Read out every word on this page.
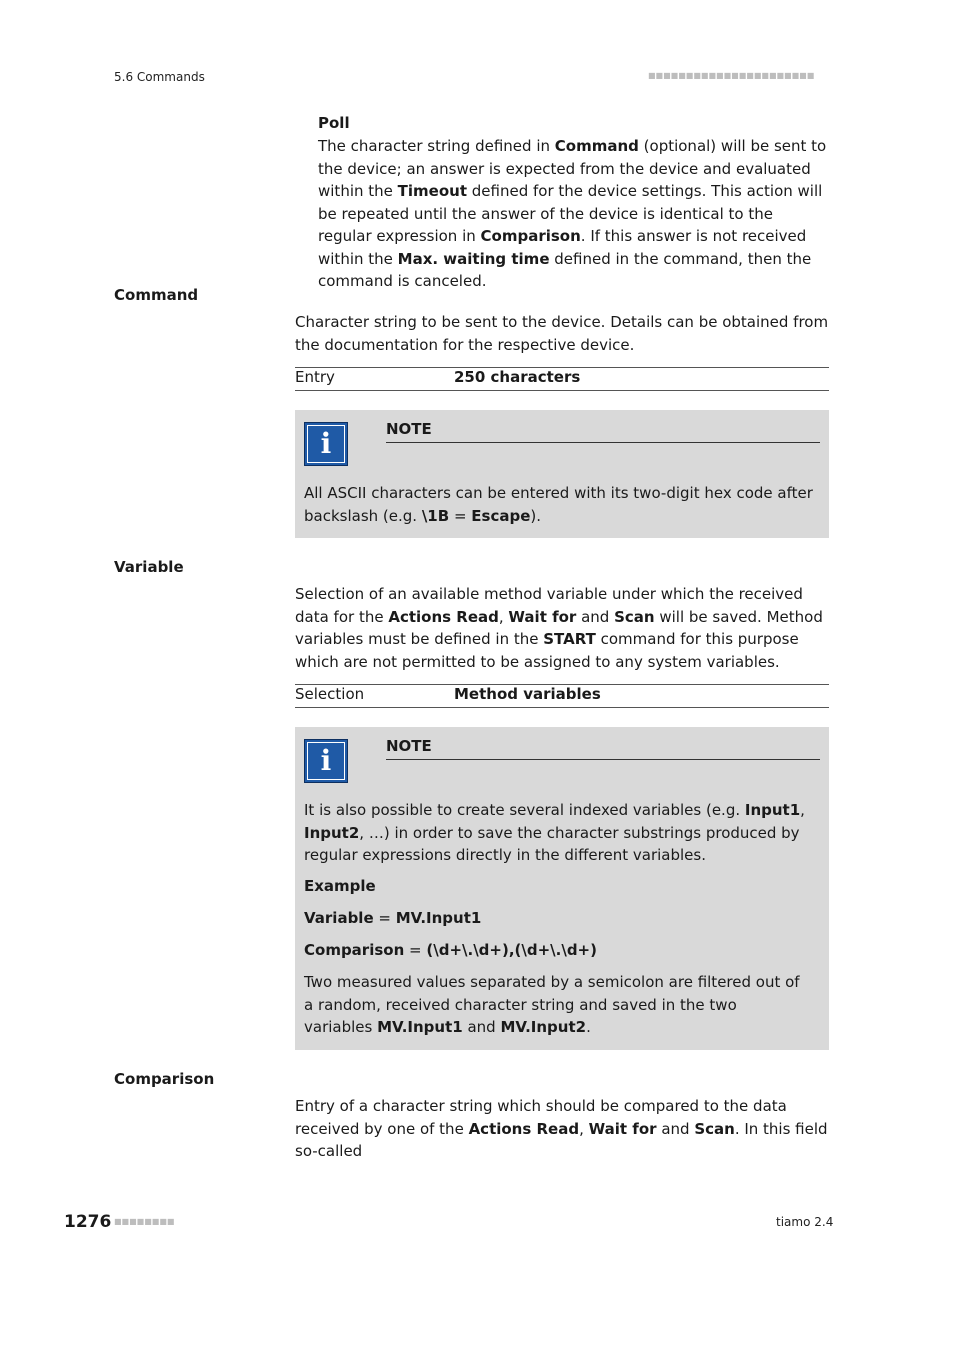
5.6 Commands	■■■■■■■■■■■■■■■■■■■■■■
Poll
The character string defined in Command (optional) will be sent to the device; an answer is expected from the device and evaluated within the Timeout defined for the device settings. This action will be repeated until the answer of the device is identical to the regular expression in Comparison. If this answer is not received within the Max. waiting time defined in the command, then the command is canceled.
Command
Character string to be sent to the device. Details can be obtained from the documentation for the respective device.
Entry	250 characters
i	NOTE
All ASCII characters can be entered with its two-digit hex code after backslash (e.g. \1B = Escape).
Variable
Selection of an available method variable under which the received data for the Actions Read, Wait for and Scan will be saved. Method variables must be defined in the START command for this purpose which are not permitted to be assigned to any system variables.
Selection	Method variables
i	NOTE
It is also possible to create several indexed variables (e.g. Input1, Input2, …) in order to save the character substrings produced by regular expressions directly in the different variables.
Example
Variable = MV.Input1
Comparison = (\d+\.\d+),(\d+\.\d+)
Two measured values separated by a semicolon are filtered out of a random, received character string and saved in the two variables MV.Input1 and MV.Input2.
Comparison
Entry of a character string which should be compared to the data received by one of the Actions Read, Wait for and Scan. In this field so-called
1276 ■■■■■■■■	tiamo 2.4
